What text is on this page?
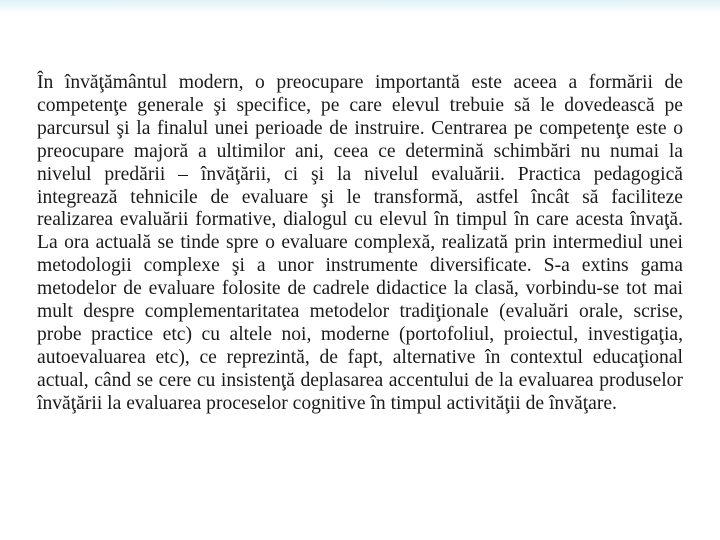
În învăţământul modern, o preocupare importantă este aceea a formării de competenţe generale şi specifice, pe care elevul trebuie să le dovedească pe parcursul şi la finalul unei perioade de instruire. Centrarea pe competenţe este o preocupare majoră a ultimilor ani, ceea ce determină schimbări nu numai la nivelul predării – învăţării, ci şi la nivelul evaluării. Practica pedagogică integrează tehnicile de evaluare şi le transformă, astfel încât să faciliteze realizarea evaluării formative, dialogul cu elevul în timpul în care acesta învaţă. La ora actuală se tinde spre o evaluare complexă, realizată prin intermediul unei metodologii complexe şi a unor instrumente diversificate. S-a extins gama metodelor de evaluare folosite de cadrele didactice la clasă, vorbindu-se tot mai mult despre complementaritatea metodelor tradiţionale (evaluări orale, scrise, probe practice etc) cu altele noi, moderne (portofoliul, proiectul, investigaţia, autoevaluarea etc), ce reprezintă, de fapt, alternative în contextul educaţional actual, când se cere cu insistenţă deplasarea accentului de la evaluarea produselor învăţării la evaluarea proceselor cognitive în timpul activităţii de învăţare.
